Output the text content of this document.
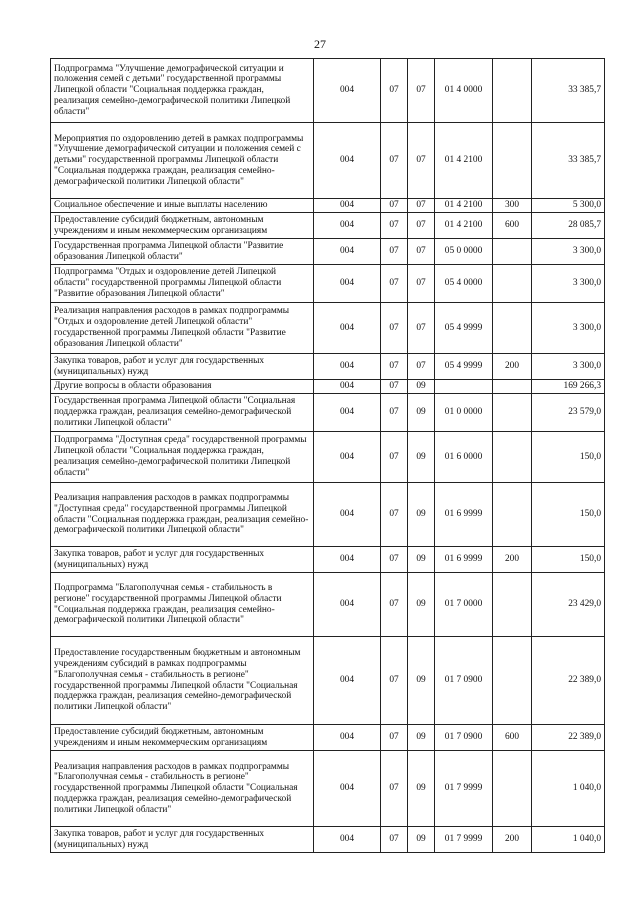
27
Подпрограмма "Улучшение демографической ситуации и положения семей с детьми" государственной программы Липецкой области "Социальная поддержка граждан, реализация семейно-демографической политики Липецкой области"	004	07	07	01 4 0000		33 385,7
Мероприятия по оздоровлению детей в рамках подпрограммы "Улучшение демографической ситуации и положения семей с детьми" государственной программы Липецкой области "Социальная поддержка граждан, реализация семейно-демографической политики Липецкой области"	004	07	07	01 4 2100		33 385,7
Социальное обеспечение и иные выплаты населению	004	07	07	01 4 2100	300	5 300,0
Предоставление субсидий бюджетным, автономным учреждениям и иным некоммерческим организациям	004	07	07	01 4 2100	600	28 085,7
Государственная программа Липецкой области "Развитие образования Липецкой области"	004	07	07	05 0 0000		3 300,0
Подпрограмма "Отдых и оздоровление детей Липецкой области" государственной программы Липецкой области "Развитие образования Липецкой области"	004	07	07	05 4 0000		3 300,0
Реализация направления расходов в рамках подпрограммы "Отдых и оздоровление детей Липецкой области" государственной программы Липецкой области "Развитие образования Липецкой области"	004	07	07	05 4 9999		3 300,0
Закупка товаров, работ и услуг для государственных (муниципальных) нужд	004	07	07	05 4 9999	200	3 300,0
Другие вопросы в области образования	004	07	09			169 266,3
Государственная программа Липецкой области "Социальная поддержка граждан, реализация семейно-демографической политики Липецкой области"	004	07	09	01 0 0000		23 579,0
Подпрограмма "Доступная среда" государственной программы Липецкой области "Социальная поддержка граждан, реализация семейно-демографической политики Липецкой области"	004	07	09	01 6 0000		150,0
Реализация направления расходов в рамках подпрограммы "Доступная среда" государственной программы Липецкой области "Социальная поддержка граждан, реализация семейно-демографической политики Липецкой области"	004	07	09	01 6 9999		150,0
Закупка товаров, работ и услуг для государственных (муниципальных) нужд	004	07	09	01 6 9999	200	150,0
Подпрограмма "Благополучная семья - стабильность в регионе" государственной программы Липецкой области "Социальная поддержка граждан, реализация семейно-демографической политики Липецкой области"	004	07	09	01 7 0000		23 429,0
Предоставление государственным бюджетным и автономным учреждениям субсидий в рамках подпрограммы "Благополучная семья - стабильность в регионе" государственной программы Липецкой области "Социальная поддержка граждан, реализация семейно-демографической политики Липецкой области"	004	07	09	01 7 0900		22 389,0
Предоставление субсидий бюджетным, автономным учреждениям и иным некоммерческим организациям	004	07	09	01 7 0900	600	22 389,0
Реализация направления расходов в рамках подпрограммы "Благополучная семья - стабильность в регионе" государственной программы Липецкой области "Социальная поддержка граждан, реализация семейно-демографической политики Липецкой области"	004	07	09	01 7 9999		1 040,0
Закупка товаров, работ и услуг для государственных (муниципальных) нужд	004	07	09	01 7 9999	200	1 040,0
